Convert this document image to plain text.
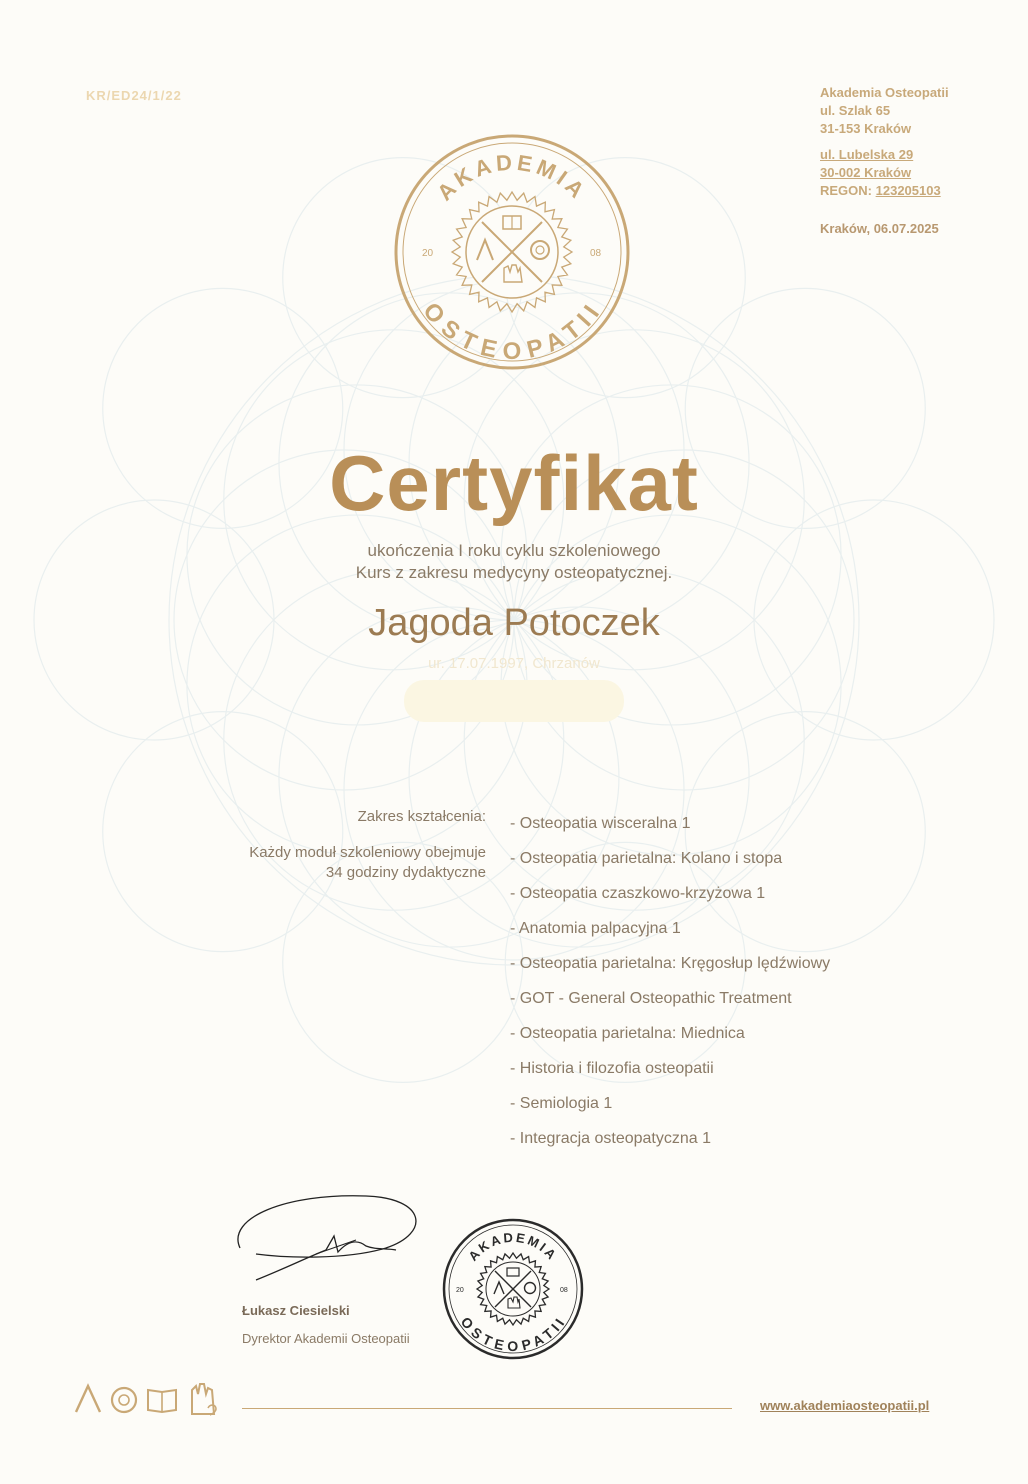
KR/ED24/1/22	Akademia Osteopatii
ul. Szlak 65
31-153 Kraków
ul. Lubelska 29
30-002 Kraków
REGON: 123205103
Kraków, 06.07.2025
AKADEMIA
OSTEOPATII
20	08
Certyfikat
ukończenia I roku cyklu szkoleniowego
Kurs z zakresu medycyny osteopatycznej.
Jagoda Potoczek
ur. 17.07.1997, Chrzanów
Zakres kształcenia:
Każdy moduł szkoleniowy obejmuje
34 godziny dydaktyczne
- Osteopatia wisceralna 1
- Osteopatia parietalna: Kolano i stopa
- Osteopatia czaszkowo-krzyżowa 1
- Anatomia palpacyjna 1
- Osteopatia parietalna: Kręgosłup lędźwiowy
- GOT - General Osteopathic Treatment
- Osteopatia parietalna: Miednica
- Historia i filozofia osteopatii
- Semiologia 1
- Integracja osteopatyczna 1
Łukasz Ciesielski
Dyrektor Akademii Osteopatii
AKADEMIA
OSTEOPATII
20	08
www.akademiaosteopatii.pl
